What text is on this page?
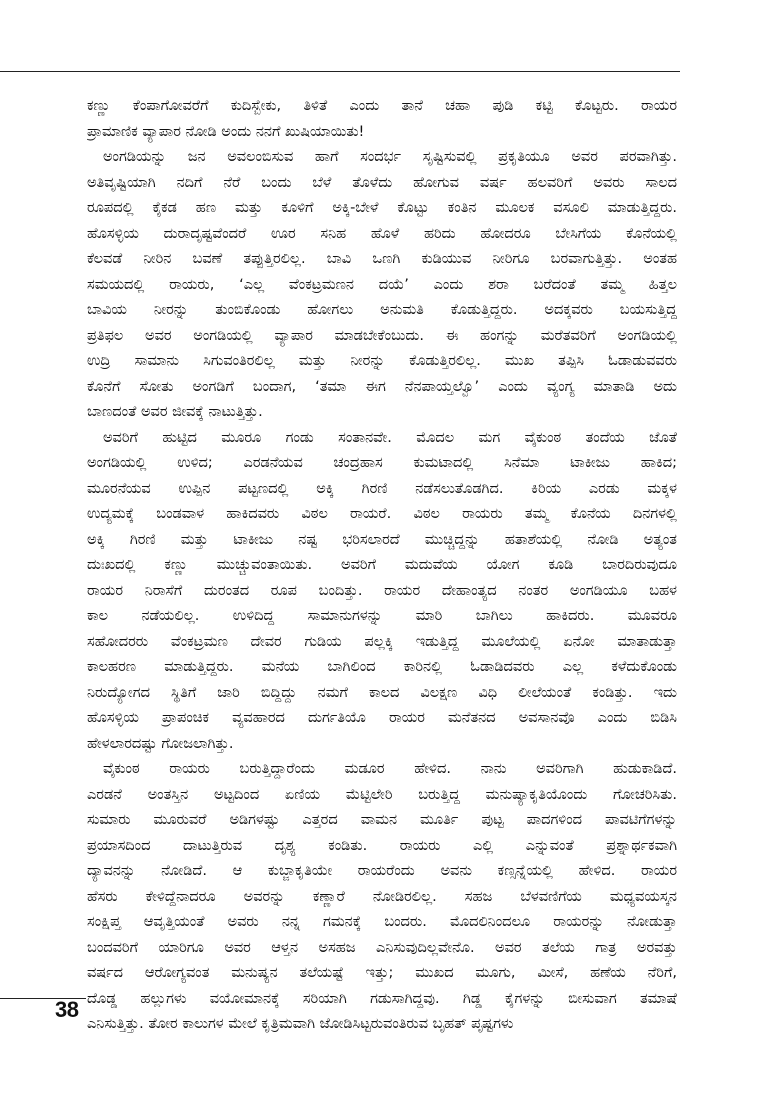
ಕಣ್ಣು ಕೆಂಪಾಗೋವರೆಗೆ ಕುದಿಸ್ಬೇಕು, ತಿಳಿತೆ ಎಂದು ತಾನೆ ಚಹಾ ಪುಡಿ ಕಟ್ಟಿ ಕೊಟ್ಟರು. ರಾಯರ
ಪ್ರಾಮಾಣಿಕ ವ್ಯಾಪಾರ ನೋಡಿ ಅಂದು ನನಗೆ ಖುಷಿಯಾಯಿತು!
ಅಂಗಡಿಯನ್ನು ಜನ ಅವಲಂಬಿಸುವ ಹಾಗೆ ಸಂದರ್ಭ ಸೃಷ್ಟಿಸುವಲ್ಲಿ ಪ್ರಕೃತಿಯೂ ಅವರ ಪರವಾಗಿತ್ತು.
ಅತಿವೃಷ್ಟಿಯಾಗಿ ನದಿಗೆ ನೆರೆ ಬಂದು ಬೆಳೆ ತೊಳೆದು ಹೋಗುವ ವರ್ಷ ಹಲವರಿಗೆ ಅವರು ಸಾಲದ
ರೂಪದಲ್ಲಿ ಕೈಕಡ ಹಣ ಮತ್ತು ಕೂಳಿಗೆ ಅಕ್ಕಿ-ಬೇಳೆ ಕೊಟ್ಟು ಕಂತಿನ ಮೂಲಕ ವಸೂಲಿ ಮಾಡುತ್ತಿದ್ದರು.
ಹೊಸಳ್ಳಿಯ ದುರಾದೃಷ್ಟವೆಂದರೆ ಊರ ಸನಿಹ ಹೊಳೆ ಹರಿದು ಹೋದರೂ ಬೇಸಿಗೆಯ ಕೊನೆಯಲ್ಲಿ
ಕೆಲವಡೆ ನೀರಿನ ಬವಣೆ ತಪ್ಪುತ್ತಿರಲಿಲ್ಲ. ಬಾವಿ ಒಣಗಿ ಕುಡಿಯುವ ನೀರಿಗೂ ಬರವಾಗುತ್ತಿತ್ತು. ಅಂತಹ
ಸಮಯದಲ್ಲಿ ರಾಯರು, ‘ಎಲ್ಲ ವೆಂಕಟ್ರಮಣನ ದಯೆ’ ಎಂದು ಶರಾ ಬರೆದಂತೆ ತಮ್ಮ ಹಿತ್ತಲ
ಬಾವಿಯ ನೀರನ್ನು ತುಂಬಿಕೊಂಡು ಹೋಗಲು ಅನುಮತಿ ಕೊಡುತ್ತಿದ್ದರು. ಅದಕ್ಕವರು ಬಯಸುತ್ತಿದ್ದ
ಪ್ರತಿಫಲ ಅವರ ಅಂಗಡಿಯಲ್ಲಿ ವ್ಯಾಪಾರ ಮಾಡಬೇಕೆಂಬುದು. ಈ ಹಂಗನ್ನು ಮರೆತವರಿಗೆ ಅಂಗಡಿಯಲ್ಲಿ
ಉದ್ರಿ ಸಾಮಾನು ಸಿಗುವಂತಿರಲಿಲ್ಲ ಮತ್ತು ನೀರನ್ನು ಕೊಡುತ್ತಿರಲಿಲ್ಲ. ಮುಖ ತಪ್ಪಿಸಿ ಓಡಾಡುವವರು
ಕೊನೆಗೆ ಸೋತು ಅಂಗಡಿಗೆ ಬಂದಾಗ, ‘ತಮಾ ಈಗ ನೆನಪಾಯ್ತಲ್ವೊ’ ಎಂದು ವ್ಯಂಗ್ಯ ಮಾತಾಡಿ ಅದು
ಬಾಣದಂತೆ ಅವರ ಜೀವಕ್ಕೆ ನಾಟುತ್ತಿತ್ತು.
ಅವರಿಗೆ ಹುಟ್ಟಿದ ಮೂರೂ ಗಂಡು ಸಂತಾನವೇ. ಮೊದಲ ಮಗ ವೈಕುಂಠ ತಂದೆಯ ಜೊತೆ
ಅಂಗಡಿಯಲ್ಲಿ ಉಳಿದ; ಎರಡನೆಯವ ಚಂದ್ರಹಾಸ ಕುಮಟಾದಲ್ಲಿ ಸಿನೆಮಾ ಟಾಕೀಜು ಹಾಕಿದ;
ಮೂರನೆಯವ ಉಪ್ಪಿನ ಪಟ್ಟಣದಲ್ಲಿ ಅಕ್ಕಿ ಗಿರಣಿ ನಡೆಸಲುತೊಡಗಿದ. ಕಿರಿಯ ಎರಡು ಮಕ್ಕಳ
ಉದ್ಯಮಕ್ಕೆ ಬಂಡವಾಳ ಹಾಕಿದವರು ವಿಠಲ ರಾಯರೆ. ವಿಠಲ ರಾಯರು ತಮ್ಮ ಕೊನೆಯ ದಿನಗಳಲ್ಲಿ
ಅಕ್ಕಿ ಗಿರಣಿ ಮತ್ತು ಟಾಕೀಜು ನಷ್ಟ ಭರಿಸಲಾರದೆ ಮುಚ್ಚಿದ್ದನ್ನು ಹತಾಶೆಯಲ್ಲಿ ನೋಡಿ ಅತ್ಯಂತ
ದುಃಖದಲ್ಲಿ ಕಣ್ಣು ಮುಚ್ಚುವಂತಾಯಿತು. ಅವರಿಗೆ ಮದುವೆಯ ಯೋಗ ಕೂಡಿ ಬಾರದಿರುವುದೂ
ರಾಯರ ನಿರಾಸೆಗೆ ದುರಂತದ ರೂಪ ಬಂದಿತ್ತು. ರಾಯರ ದೇಹಾಂತ್ಯದ ನಂತರ ಅಂಗಡಿಯೂ ಬಹಳ
ಕಾಲ ನಡೆಯಲಿಲ್ಲ. ಉಳಿದಿದ್ದ ಸಾಮಾನುಗಳನ್ನು ಮಾರಿ ಬಾಗಿಲು ಹಾಕಿದರು. ಮೂವರೂ
ಸಹೋದರರು ವೆಂಕಟ್ರಮಣ ದೇವರ ಗುಡಿಯ ಪಲ್ಲಕ್ಕಿ ಇಡುತ್ತಿದ್ದ ಮೂಲೆಯಲ್ಲಿ ಏನೋ ಮಾತಾಡುತ್ತಾ
ಕಾಲಹರಣ ಮಾಡುತ್ತಿದ್ದರು. ಮನೆಯ ಬಾಗಿಲಿಂದ ಕಾರಿನಲ್ಲಿ ಓಡಾಡಿದವರು ಎಲ್ಲ ಕಳೆದುಕೊಂಡು
ನಿರುದ್ಯೋಗದ ಸ್ಥಿತಿಗೆ ಜಾರಿ ಬಿದ್ದಿದ್ದು ನಮಗೆ ಕಾಲದ ವಿಲಕ್ಷಣ ವಿಧಿ ಲೀಲೆಯಂತೆ ಕಂಡಿತ್ತು. ಇದು
ಹೊಸಳ್ಳಿಯ ಪ್ರಾಪಂಚಿಕ ವ್ಯವಹಾರದ ದುರ್ಗತಿಯೊ ರಾಯರ ಮನೆತನದ ಅವಸಾನವೊ ಎಂದು ಬಿಡಿಸಿ
ಹೇಳಲಾರದಷ್ಟು ಗೋಜಲಾಗಿತ್ತು.
ವೈಕುಂಠ ರಾಯರು ಬರುತ್ತಿದ್ದಾರೆಂದು ಮಡೂರ ಹೇಳಿದ. ನಾನು ಅವರಿಗಾಗಿ ಹುಡುಕಾಡಿದೆ.
ಎರಡನೆ ಅಂತಸ್ತಿನ ಅಟ್ಟದಿಂದ ಏಣಿಯ ಮೆಟ್ಟಿಲೇರಿ ಬರುತ್ತಿದ್ದ ಮನುಷ್ಯಾಕೃತಿಯೊಂದು ಗೋಚರಿಸಿತು.
ಸುಮಾರು ಮೂರುವರೆ ಅಡಿಗಳಷ್ಟು ಎತ್ತರದ ವಾಮನ ಮೂರ್ತಿ ಪುಟ್ಟ ಪಾದಗಳಿಂದ ಪಾವಟಿಗೆಗಳನ್ನು
ಪ್ರಯಾಸದಿಂದ ದಾಟುತ್ತಿರುವ ದೃಶ್ಯ ಕಂಡಿತು. ರಾಯರು ಎಲ್ಲಿ ಎನ್ನುವಂತೆ ಪ್ರಶ್ನಾರ್ಥಕವಾಗಿ
ದ್ಯಾವನನ್ನು ನೋಡಿದೆ. ಆ ಕುಬ್ಜಾಕೃತಿಯೇ ರಾಯರೆಂದು ಅವನು ಕಣ್ಸನ್ನೆಯಲ್ಲಿ ಹೇಳಿದ. ರಾಯರ
ಹೆಸರು ಕೇಳಿದ್ದೆನಾದರೂ ಅವರನ್ನು ಕಣ್ಣಾರೆ ನೋಡಿರಲಿಲ್ಲ. ಸಹಜ ಬೆಳವಣಿಗೆಯ ಮಧ್ಯವಯಸ್ಕನ
ಸಂಕ್ಷಿಪ್ತ ಆವೃತ್ತಿಯಂತೆ ಅವರು ನನ್ನ ಗಮನಕ್ಕೆ ಬಂದರು. ಮೊದಲಿನಿಂದಲೂ ರಾಯರನ್ನು ನೋಡುತ್ತಾ
ಬಂದವರಿಗೆ ಯಾರಿಗೂ ಅವರ ಆಳ್ತನ ಅಸಹಜ ಎನಿಸುವುದಿಲ್ಲವೇನೊ. ಅವರ ತಲೆಯ ಗಾತ್ರ ಅರವತ್ತು
ವರ್ಷದ ಆರೋಗ್ಯವಂತ ಮನುಷ್ಯನ ತಲೆಯಷ್ಟೆ ಇತ್ತು; ಮುಖದ ಮೂಗು, ಮೀಸೆ, ಹಣೆಯ ನೆರಿಗೆ,
ದೊಡ್ಡ ಹಲ್ಲುಗಳು ವಯೋಮಾನಕ್ಕೆ ಸರಿಯಾಗಿ ಗಡುಸಾಗಿದ್ದವು. ಗಿಡ್ಡ ಕೈಗಳನ್ನು ಬೀಸುವಾಗ ತಮಾಷೆ
ಎನಿಸುತ್ತಿತ್ತು. ತೋರ ಕಾಲುಗಳ ಮೇಲೆ ಕೃತ್ರಿಮವಾಗಿ ಜೋಡಿಸಿಟ್ಟರುವಂತಿರುವ ಬೃಹತ್ ಪೃಷ್ಟಗಳು
38
